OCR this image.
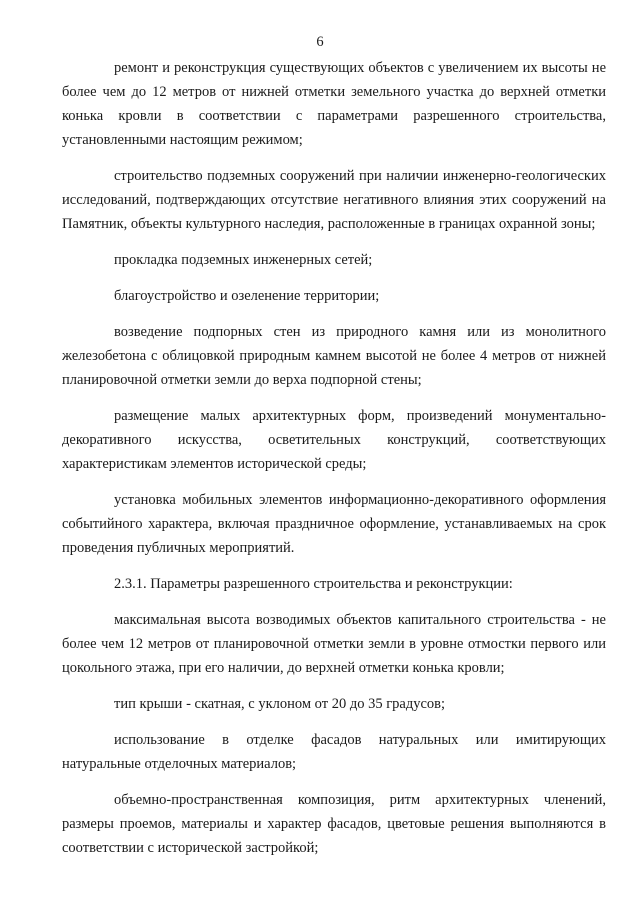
6

ремонт и реконструкция существующих объектов с увеличением их высоты не более чем до 12 метров от нижней отметки земельного участка до верхней отметки конька кровли в соответствии с параметрами разрешенного строительства, установленными настоящим режимом;

строительство подземных сооружений при наличии инженерно-геологических исследований, подтверждающих отсутствие негативного влияния этих сооружений на Памятник, объекты культурного наследия, расположенные в границах охранной зоны;

прокладка подземных инженерных сетей;

благоустройство и озеленение территории;

возведение подпорных стен из природного камня или из монолитного железобетона с облицовкой природным камнем высотой не более 4 метров от нижней планировочной отметки земли до верха подпорной стены;

размещение малых архитектурных форм, произведений монументально-декоративного искусства, осветительных конструкций, соответствующих характеристикам элементов исторической среды;

установка мобильных элементов информационно-декоративного оформления событийного характера, включая праздничное оформление, устанавливаемых на срок проведения публичных мероприятий.

2.3.1. Параметры разрешенного строительства и реконструкции:

максимальная высота возводимых объектов капитального строительства - не более чем 12 метров от планировочной отметки земли в уровне отмостки первого или цокольного этажа, при его наличии, до верхней отметки конька кровли;

тип крыши - скатная, с уклоном от 20 до 35 градусов;

использование в отделке фасадов натуральных или имитирующих натуральные отделочных материалов;

объемно-пространственная композиция, ритм архитектурных членений, размеры проемов, материалы и характер фасадов, цветовые решения выполняются в соответствии с исторической застройкой;
